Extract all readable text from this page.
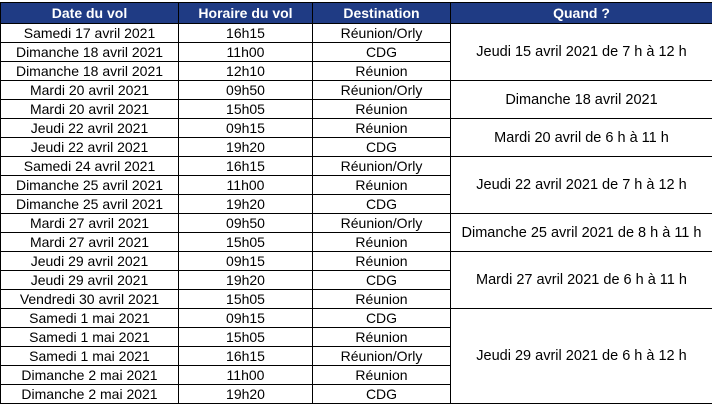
Date du vol	Horaire du vol	Destination	Quand ?
Samedi 17 avril 2021	16h15	Réunion/Orly	Jeudi 15 avril 2021 de 7 h à 12 h
Dimanche 18 avril 2021	11h00	CDG	
Dimanche 18 avril 2021	12h10	Réunion	
Mardi 20 avril 2021	09h50	Réunion/Orly	Dimanche 18 avril 2021
Mardi 20 avril 2021	15h05	Réunion	
Jeudi 22 avril 2021	09h15	Réunion	Mardi 20 avril de 6 h à 11 h
Jeudi 22 avril 2021	19h20	CDG	
Samedi 24 avril 2021	16h15	Réunion/Orly	Jeudi 22 avril 2021 de 7 h à 12 h
Dimanche 25 avril 2021	11h00	Réunion	
Dimanche 25 avril 2021	19h20	CDG	
Mardi 27 avril 2021	09h50	Réunion/Orly	Dimanche 25 avril 2021 de 8 h à 11 h
Mardi 27 avril 2021	15h05	Réunion	
Jeudi 29 avril 2021	09h15	Réunion	Mardi 27 avril 2021 de 6 h à 11 h
Jeudi 29 avril 2021	19h20	CDG	
Vendredi 30 avril 2021	15h05	Réunion	
Samedi 1 mai 2021	09h15	CDG	Jeudi 29 avril 2021 de 6 h à 12 h
Samedi 1 mai 2021	15h05	Réunion	
Samedi 1 mai 2021	16h15	Réunion/Orly	
Dimanche 2 mai 2021	11h00	Réunion	
Dimanche 2 mai 2021	19h20	CDG	
